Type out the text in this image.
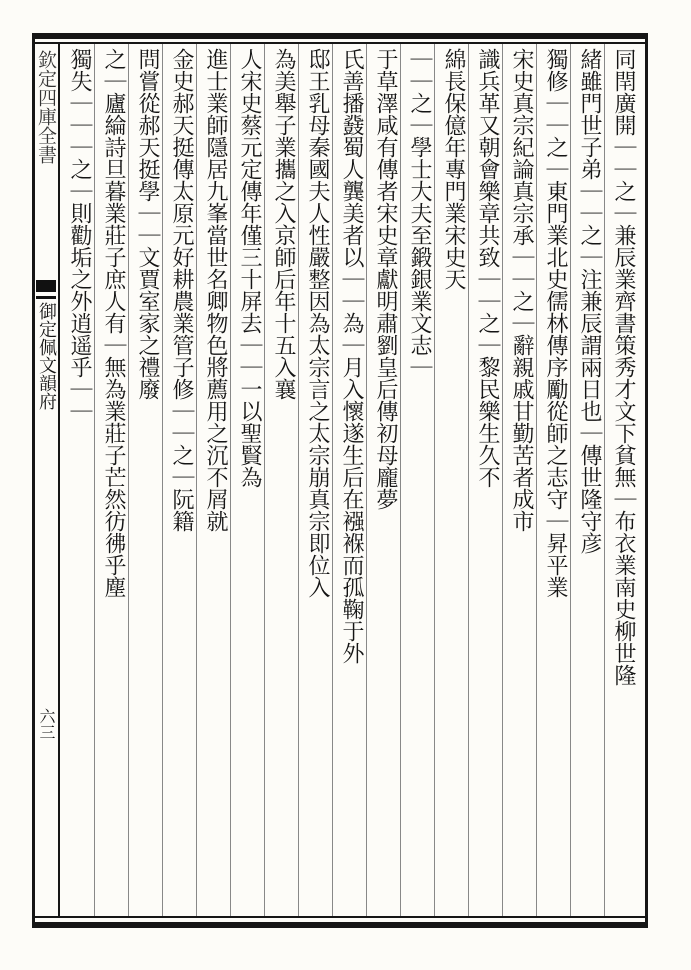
欽定四庫全書
御定佩文韻府
六三
同閈廣開｜｜之｜兼辰業齊書策秀才文下貧無｜布衣業南史柳世隆
緒雖門世子弟｜｜之｜注兼辰謂兩日也｜傳世隆守彦
獨修｜｜之｜東門業北史儒林傳序勵從師之志守｜昇平業
宋史真宗紀論真宗承｜｜之｜辭親戚甘勤苦者成市
識兵革又朝會樂章共致｜｜之｜黎民樂生久不
綿長保億年專門業宋史天
｜｜之｜學士大夫至鍛銀業文志｜
于草澤咸有傳者宋史章獻明肅劉皇后傳初母龐夢
氏善播鼗蜀人龔美者以｜｜為｜月入懷遂生后在襁褓而孤鞠于外
邸王乳母秦國夫人性嚴整因為太宗言之太宗崩真宗即位入
為美舉子業攜之入京師后年十五入襄
人宋史蔡元定傳年僅三十屏去｜｜一以聖賢為
進士業師隱居九峯當世名卿物色將薦用之沉不屑就
金史郝天挺傳太原元好耕農業管子修｜｜之｜阮籍
問嘗從郝天挺學｜｜文賈室家之禮廢
之｜廬綸詩旦暮業莊子庶人有｜無為業莊子芒然彷彿乎塵
獨失｜｜｜之｜則勸垢之外逍遥乎｜｜
